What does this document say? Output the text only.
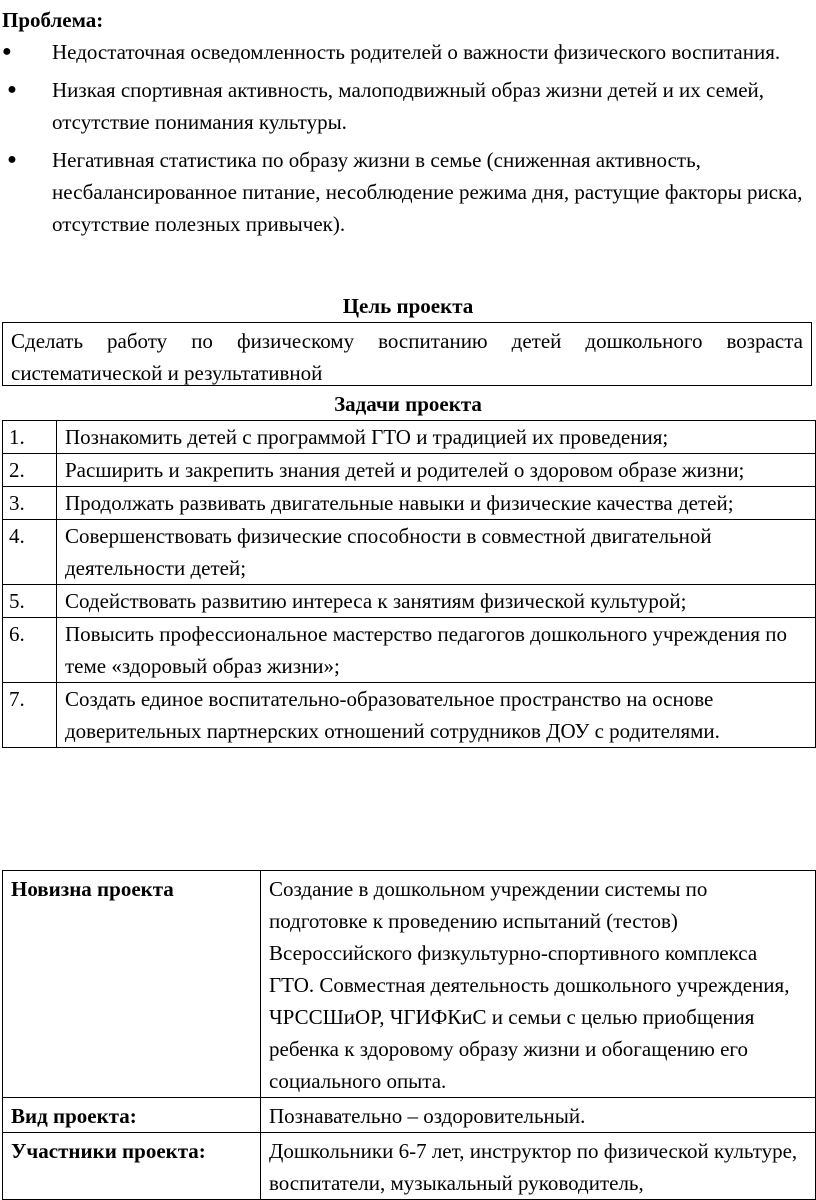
Проблема:
●	Недостаточная осведомленность родителей о важности физического воспитания.
● Низкая спортивная активность, малоподвижный образ жизни детей и их семей, отсутствие понимания культуры.
● Негативная статистика по образу жизни в семье (сниженная активность, несбалансированное питание, несоблюдение режима дня, растущие факторы риска, отсутствие полезных привычек).
Цель проекта
Сделать работу по физическому воспитанию детей дошкольного возраста систематической и результативной
Задачи проекта
1.	Познакомить детей с программой ГТО и традицией их проведения;
2.	Расширить и закрепить знания детей и родителей о здоровом образе жизни;
3.	Продолжать развивать двигательные навыки и физические качества детей;
4.	Совершенствовать физические способности в совместной двигательной деятельности детей;
5.	Содействовать развитию интереса к занятиям физической культурой;
6.	Повысить профессиональное мастерство педагогов дошкольного учреждения по теме «здоровый образ жизни»;
7.	Создать единое воспитательно-образовательное пространство на основе доверительных партнерских отношений сотрудников ДОУ с родителями.
Новизна проекта	Создание в дошкольном учреждении системы по подготовке к проведению испытаний (тестов) Всероссийского физкультурно-спортивного комплекса ГТО. Совместная деятельность дошкольного учреждения, ЧРССШиОР, ЧГИФКиС и семьи с целью приобщения ребенка к здоровому образу жизни и обогащению его социального опыта.
Вид проекта:	Познавательно – оздоровительный.
Участники проекта:	Дошкольники 6-7 лет, инструктор по физической культуре, воспитатели, музыкальный руководитель,
